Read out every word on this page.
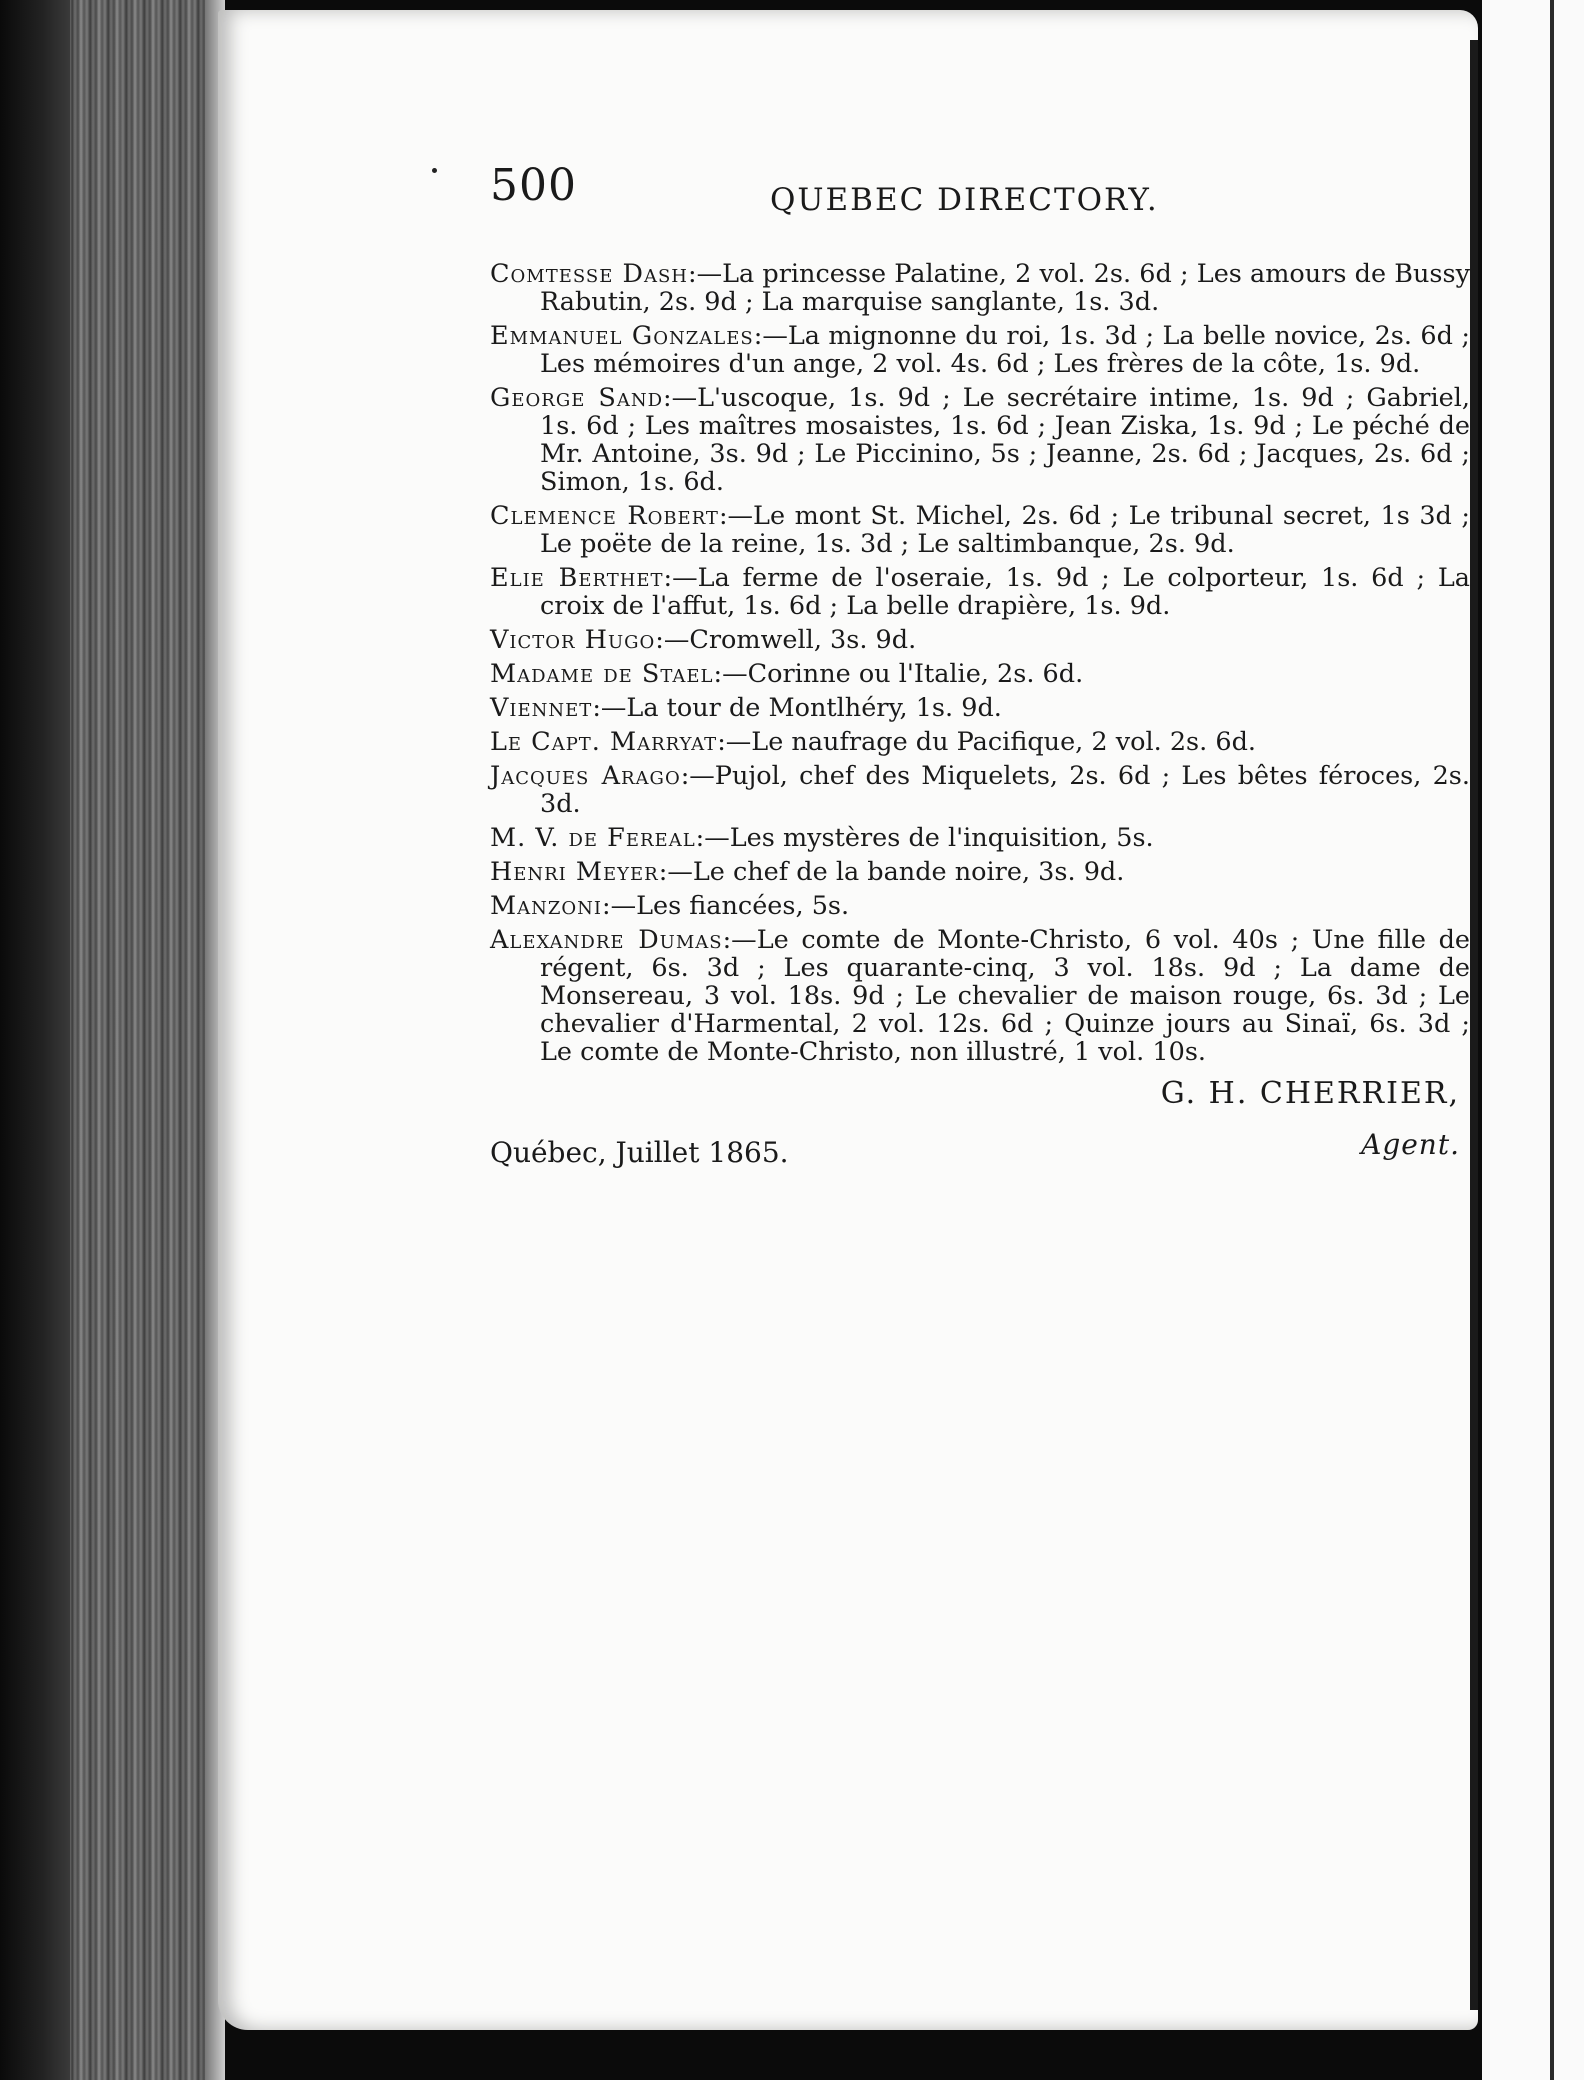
500	QUEBEC DIRECTORY.

Comtesse Dash:—La princesse Palatine, 2 vol. 2s. 6d ; Les amours de Bussy Rabutin, 2s. 9d ; La marquise sanglante, 1s. 3d.

Emmanuel Gonzales:—La mignonne du roi, 1s. 3d ; La belle novice, 2s. 6d ; Les mémoires d'un ange, 2 vol. 4s. 6d ; Les frères de la côte, 1s. 9d.

George Sand:—L'uscoque, 1s. 9d ; Le secrétaire intime, 1s. 9d ; Gabriel, 1s. 6d ; Les maîtres mosaistes, 1s. 6d ; Jean Ziska, 1s. 9d ; Le péché de Mr. Antoine, 3s. 9d ; Le Piccinino, 5s ; Jeanne, 2s. 6d ; Jacques, 2s. 6d ; Simon, 1s. 6d.

Clemence Robert:—Le mont St. Michel, 2s. 6d ; Le tribunal secret, 1s 3d ; Le poëte de la reine, 1s. 3d ; Le saltimbanque, 2s. 9d.

Elie Berthet:—La ferme de l'oseraie, 1s. 9d ; Le colporteur, 1s. 6d ; La croix de l'affut, 1s. 6d ; La belle drapière, 1s. 9d.

Victor Hugo:—Cromwell, 3s. 9d.

Madame de Stael:—Corinne ou l'Italie, 2s. 6d.

Viennet:—La tour de Montlhéry, 1s. 9d.

Le Capt. Marryat:—Le naufrage du Pacifique, 2 vol. 2s. 6d.

Jacques Arago:—Pujol, chef des Miquelets, 2s. 6d ; Les bêtes féroces, 2s. 3d.

M. V. de Fereal:—Les mystères de l'inquisition, 5s.

Henri Meyer:—Le chef de la bande noire, 3s. 9d.

Manzoni:—Les fiancées, 5s.

Alexandre Dumas:—Le comte de Monte-Christo, 6 vol. 40s ; Une fille de régent, 6s. 3d ; Les quarante-cinq, 3 vol. 18s. 9d ; La dame de Monsereau, 3 vol. 18s. 9d ; Le chevalier de maison rouge, 6s. 3d ; Le chevalier d'Harmental, 2 vol. 12s. 6d ; Quinze jours au Sinaï, 6s. 3d ; Le comte de Monte-Christo, non illustré, 1 vol. 10s.

G. H. CHERRIER,
Agent.
Québec, Juillet 1865.
